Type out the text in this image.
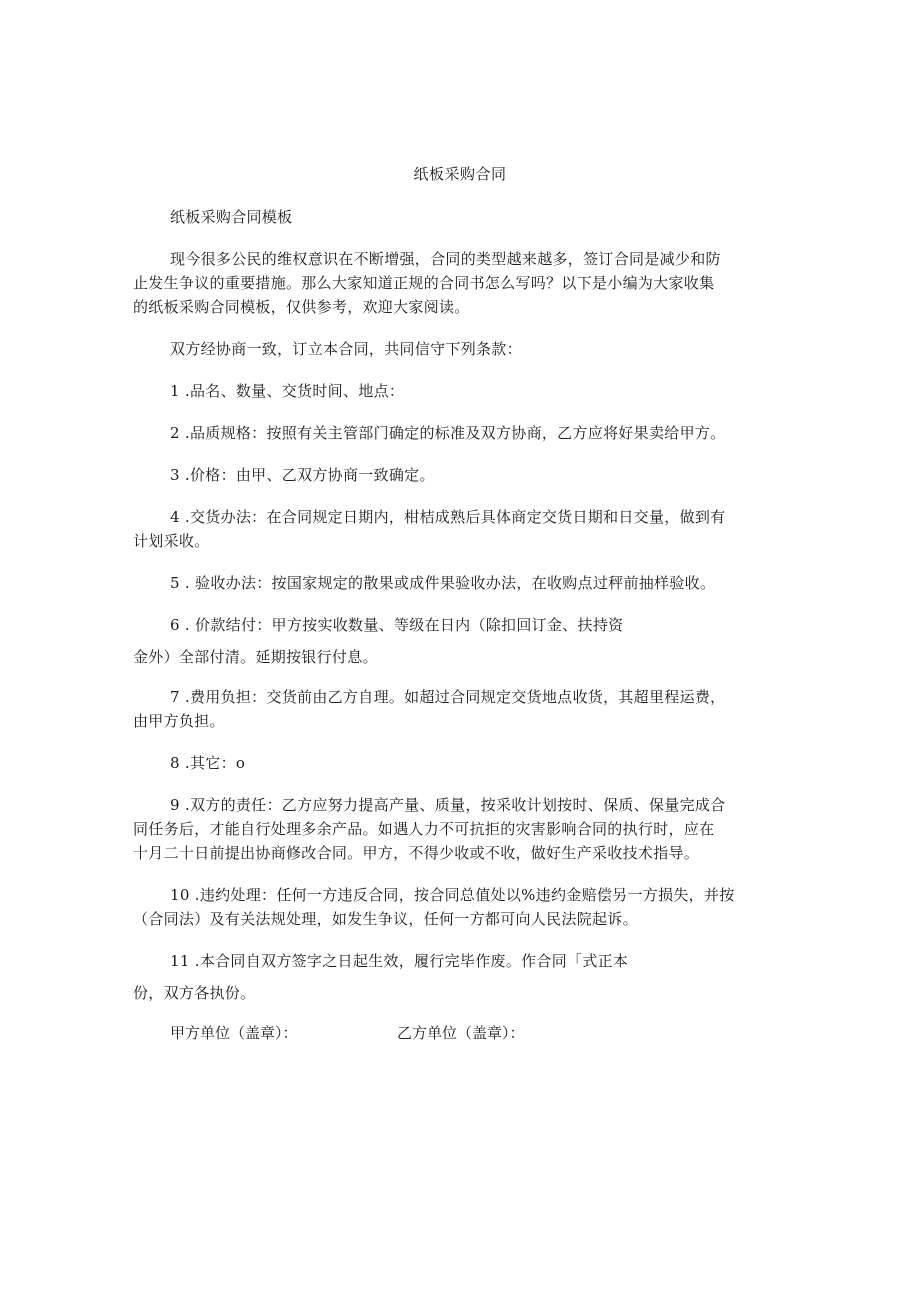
纸板采购合同
纸板采购合同模板
现今很多公民的维权意识在不断增强，合同的类型越来越多，签订合同是减少和防
止发生争议的重要措施。那么大家知道正规的合同书怎么写吗？以下是小编为大家收集
的纸板采购合同模板，仅供参考，欢迎大家阅读。
双方经协商一致，订立本合同，共同信守下列条款：
1 .品名、数量、交货时间、地点：
2 .品质规格：按照有关主管部门确定的标准及双方协商，乙方应将好果卖给甲方。
3 .价格：由甲、乙双方协商一致确定。
4 .交货办法：在合同规定日期内，柑桔成熟后具体商定交货日期和日交量，做到有
计划采收。
5 . 验收办法：按国家规定的散果或成件果验收办法，在收购点过秤前抽样验收。
6 . 价款结付：甲方按实收数量、等级在日内（除扣回订金、扶持资
金外）全部付清。延期按银行付息。
7 .费用负担：交货前由乙方自理。如超过合同规定交货地点收货，其超里程运费，
由甲方负担。
8 .其它：o
9 .双方的责任：乙方应努力提高产量、质量，按采收计划按时、保质、保量完成合
同任务后，才能自行处理多余产品。如遇人力不可抗拒的灾害影响合同的执行时，应在
十月二十日前提出协商修改合同。甲方，不得少收或不收，做好生产采收技术指导。
10 .违约处理：任何一方违反合同，按合同总值处以%违约金赔偿另一方损失，并按
（合同法）及有关法规处理，如发生争议，任何一方都可向人民法院起诉。
11 .本合同自双方签字之日起生效，履行完毕作废。作合同「式正本
份，双方各执份。
甲方单位（盖章）：	乙方单位（盖章）：
